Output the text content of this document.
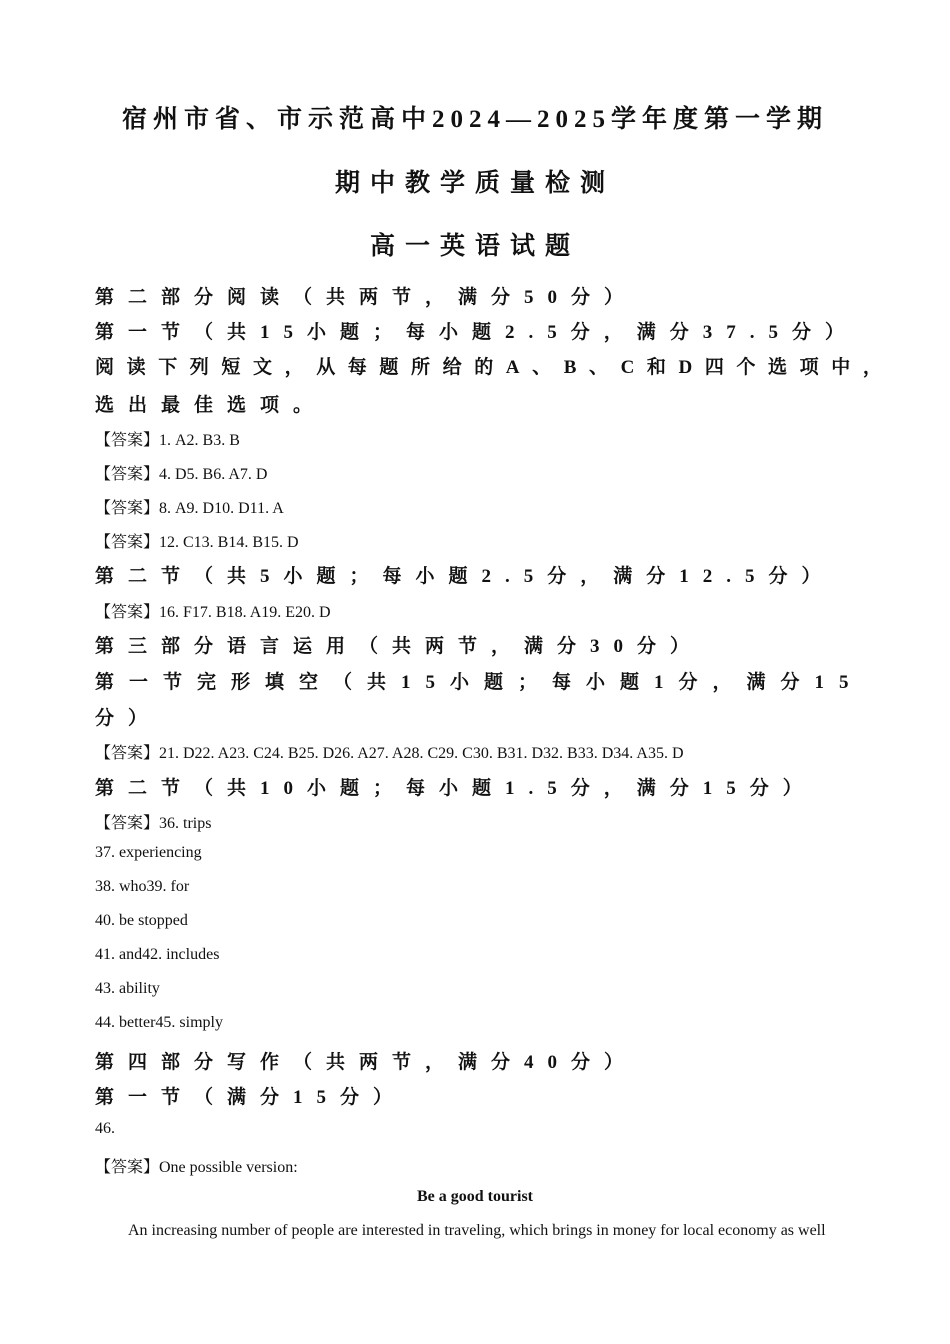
宿州市省、市示范高中2024—2025学年度第一学期
期中教学质量检测
高一英语试题
第二部分阅读（共两节，满分50分）
第一节（共15小题；每小题2.5分，满分37.5分）
阅读下列短文，从每题所给的A、B、C和D四个选项中，
选出最佳选项。
【答案】1. A2. B3. B
【答案】4. D5. B6. A7. D
【答案】8. A9. D10. D11. A
【答案】12. C13. B14. B15. D
第二节（共5小题；每小题2.5分，满分12.5分）
【答案】16. F17. B18. A19. E20. D
第三部分语言运用（共两节，满分30分）
第一节完形填空（共15小题；每小题1分，满分15
分）
【答案】21. D22. A23. C24. B25. D26. A27. A28. C29. C30. B31. D32. B33. D34. A35. D
第二节（共10小题；每小题1.5分，满分15分）
【答案】36. trips
37. experiencing
38. who39. for
40. be stopped
41. and42. includes
43. ability
44. better45. simply
第四部分写作（共两节，满分40分）
第一节（满分15分）
46.
【答案】One possible version:
Be a good tourist
An increasing number of people are interested in traveling, which brings in money for local economy as well
